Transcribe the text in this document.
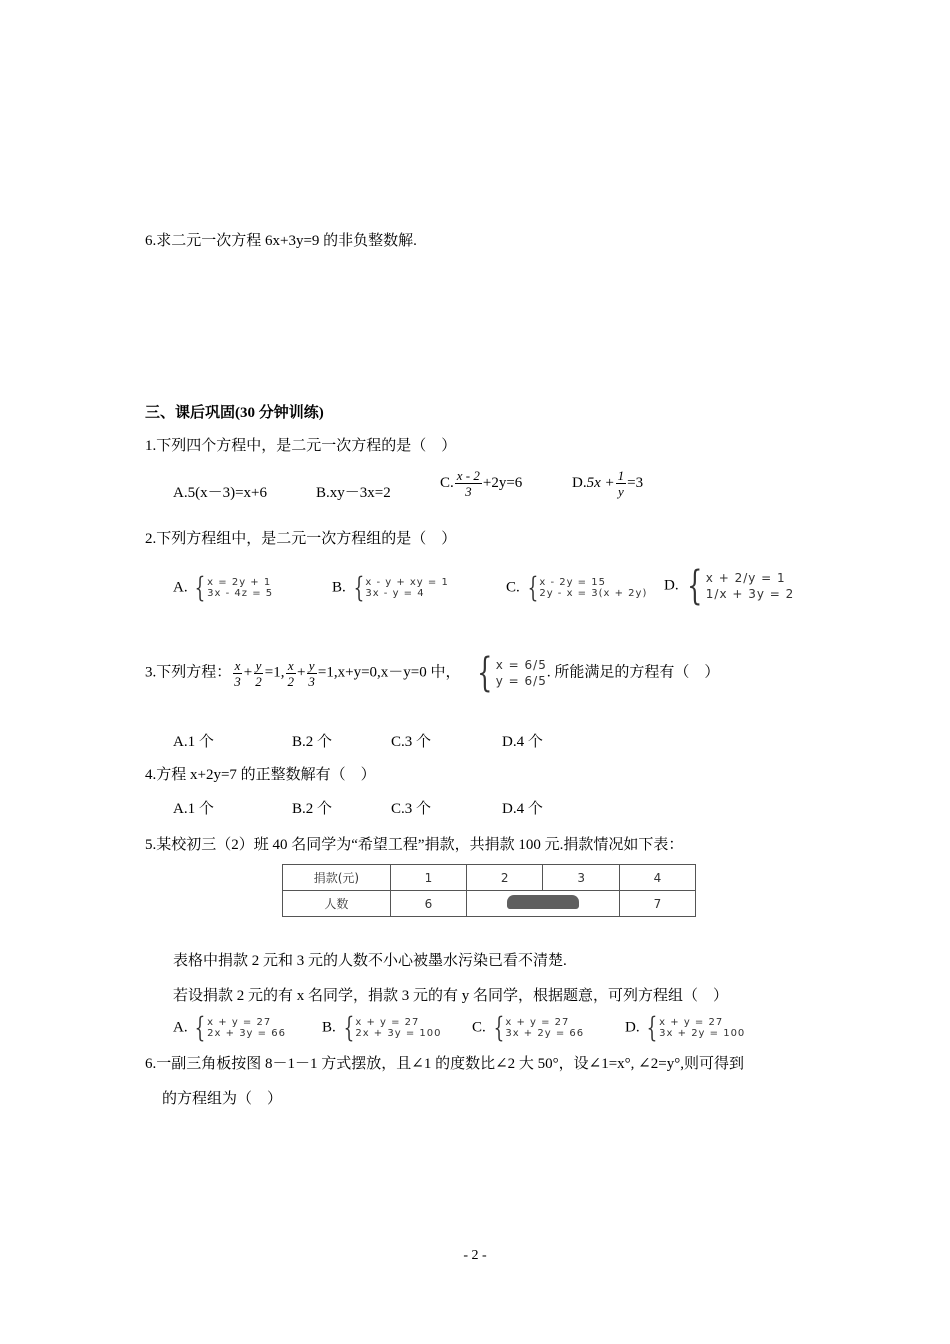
6.求二元一次方程 6x+3y=9 的非负整数解.
三、课后巩固(30 分钟训练)
1.下列四个方程中，是二元一次方程的是（　）
A.5(x－3)=x+6	B.xy－3x=2
C. $\frac{x - 2}{3} +2y=6$	$D.5x + \frac{1}{y} =3$
2.下列方程组中，是二元一次方程组的是（　）
A. { x = 2y + 1
3x - 4z = 5	B. { x - y + xy = 1
3x - y = 4	C. { x - 2y = 15
2y - x = 3(x + 2y)
D. { x + 2/y = 1
1/x + 3y = 2
3.下列方程： $\frac{x}{3} + \frac{y}{2} =1$, $\frac{x}{2} + \frac{y}{3} =1,x+y=0,x-y=0$ 中， { x = 6/5
y = 6/5
. 所能满足的方程有（　）
A.1 个	B.2 个	C.3 个	D.4 个
4.方程 x+2y=7 的正整数解有（　）
A.1 个	B.2 个	C.3 个	D.4 个
5.某校初三（2）班 40 名同学为“希望工程”捐款，共捐款 100 元.捐款情况如下表：
捐款(元)	1	2	3	4
人数	6			7
表格中捐款 2 元和 3 元的人数不小心被墨水污染已看不清楚.
若设捐款 2 元的有 x 名同学，捐款 3 元的有 y 名同学，根据题意，可列方程组（　）
A. { x + y = 27
2x + 3y = 66 B. { x + y = 27
2x + 3y = 100 C. { x + y = 27
3x + 2y = 66	D. { x + y = 27
3x + 2y = 100
6.一副三角板按图 8－1－1 方式摆放，且∠1 的度数比∠2 大 50°，设∠1=x°, ∠2=y°,则可得到
的方程组为（　）
- 2 -
